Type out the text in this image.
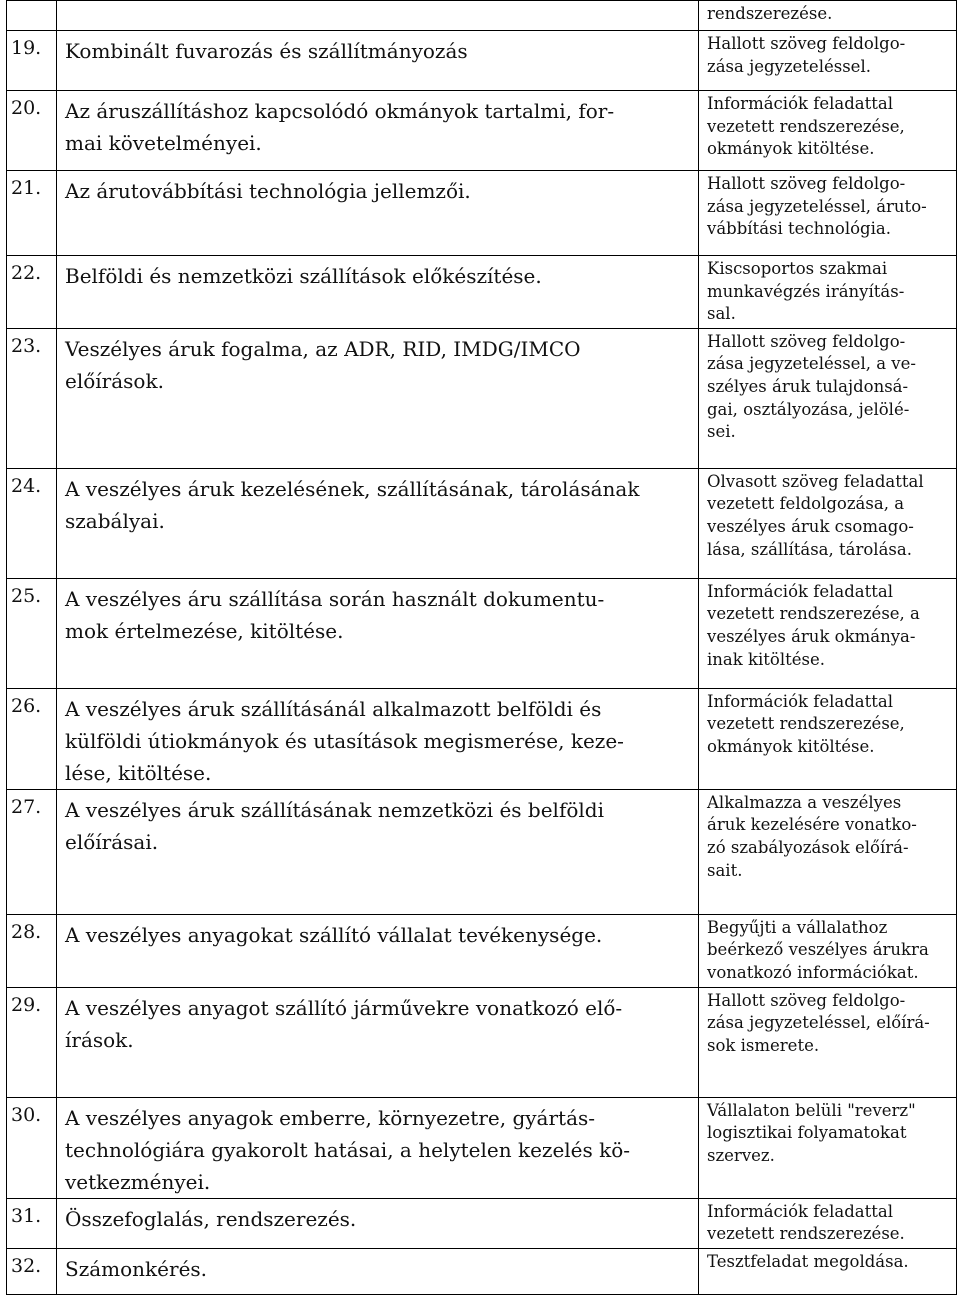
		rendszerezése.

19.	Kombinált fuvarozás és szállítmányozás	Hallott szöveg feldolgo-
zása jegyzeteléssel.

20.	Az áruszállításhoz kapcsolódó okmányok tartalmi, for-
mai követelményei.	Információk feladattal
vezetett rendszerezése,
okmányok kitöltése.

21.	Az árutovábbítási technológia jellemzői.	Hallott szöveg feldolgo-
zása jegyzeteléssel, áruto-
vábbítási technológia.

22.	Belföldi és nemzetközi szállítások előkészítése.	Kiscsoportos szakmai
munkavégzés irányítás-
sal.

23.	Veszélyes áruk fogalma, az ADR, RID, IMDG/IMCO
előírások.	Hallott szöveg feldolgo-
zása jegyzeteléssel, a ve-
szélyes áruk tulajdonsá-
gai, osztályozása, jelölé-
sei.

24.	A veszélyes áruk kezelésének, szállításának, tárolásának
szabályai.	Olvasott szöveg feladattal
vezetett feldolgozása, a
veszélyes áruk csomago-
lása, szállítása, tárolása.

25.	A veszélyes áru szállítása során használt dokumentu-
mok értelmezése, kitöltése.	Információk feladattal
vezetett rendszerezése, a
veszélyes áruk okmánya-
inak kitöltése.

26.	A veszélyes áruk szállításánál alkalmazott belföldi és
külföldi útiokmányok és utasítások megismerése, keze-
lése, kitöltése.	Információk feladattal
vezetett rendszerezése,
okmányok kitöltése.

27.	A veszélyes áruk szállításának nemzetközi és belföldi
előírásai.	Alkalmazza a veszélyes
áruk kezelésére vonatko-
zó szabályozások előírá-
sait.

28.	A veszélyes anyagokat szállító vállalat tevékenysége.	Begyűjti a vállalathoz
beérkező veszélyes árukra
vonatkozó információkat.

29.	A veszélyes anyagot szállító járművekre vonatkozó elő-
írások.	Hallott szöveg feldolgo-
zása jegyzeteléssel, előírá-
sok ismerete.

30.	A veszélyes anyagok emberre, környezetre, gyártás-
technológiára gyakorolt hatásai, a helytelen kezelés kö-
vetkezményei.	Vállalaton belüli "reverz"
logisztikai folyamatokat
szervez.

31.	Összefoglalás, rendszerezés.	Információk feladattal
vezetett rendszerezése.

32.	Számonkérés.	Tesztfeladat megoldása.
